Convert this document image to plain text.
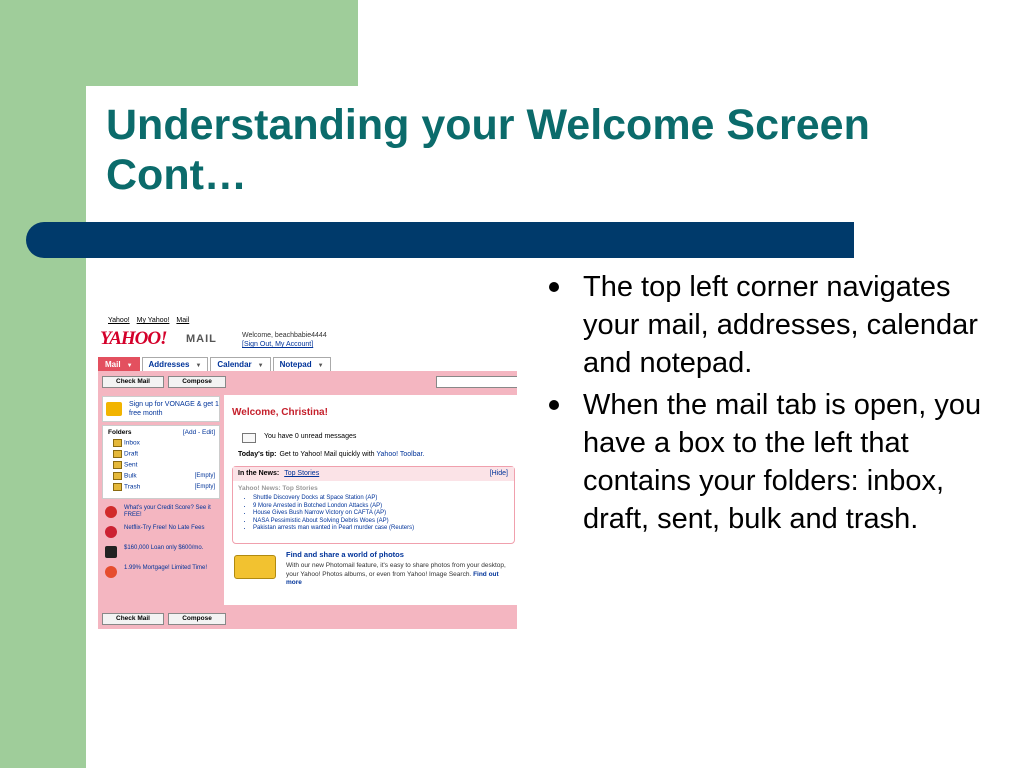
Understanding your Welcome Screen Cont…
Yahoo! My Yahoo! Mail
YAHOO! MAIL	Welcome, beachbabie4444
[Sign Out, My Account]
Mail ▼	Addresses ▼	Calendar ▼	Notepad ▼
Check Mail	Compose
Sign up for VONAGE & get 1 free month
Folders	[Add - Edit]
Inbox
Draft
Sent
Bulk	[Empty]
Trash	[Empty]
What's your Credit Score? See it FREE!
Netflix-Try Free! No Late Fees
$160,000 Loan only $600/mo.
1.99% Mortgage! Limited Time!
Welcome, Christina!
You have 0 unread messages
Today's tip: Get to Yahoo! Mail quickly with Yahoo! Toolbar.
In the News: Top Stories	[Hide]
Yahoo! News: Top Stories
• Shuttle Discovery Docks at Space Station (AP)
• 9 More Arrested in Botched London Attacks (AP)
• House Gives Bush Narrow Victory on CAFTA (AP)
• NASA Pessimistic About Solving Debris Woes (AP)
• Pakistan arrests man wanted in Pearl murder case (Reuters)
Find and share a world of photos
With our new Photomail feature, it's easy to share photos from your desktop, your Yahoo! Photos albums, or even from Yahoo! Image Search. Find out more
Check Mail	Compose
The top left corner navigates your mail, addresses, calendar and notepad.
When the mail tab is open, you have a box to the left that contains your folders: inbox, draft, sent, bulk and trash.
